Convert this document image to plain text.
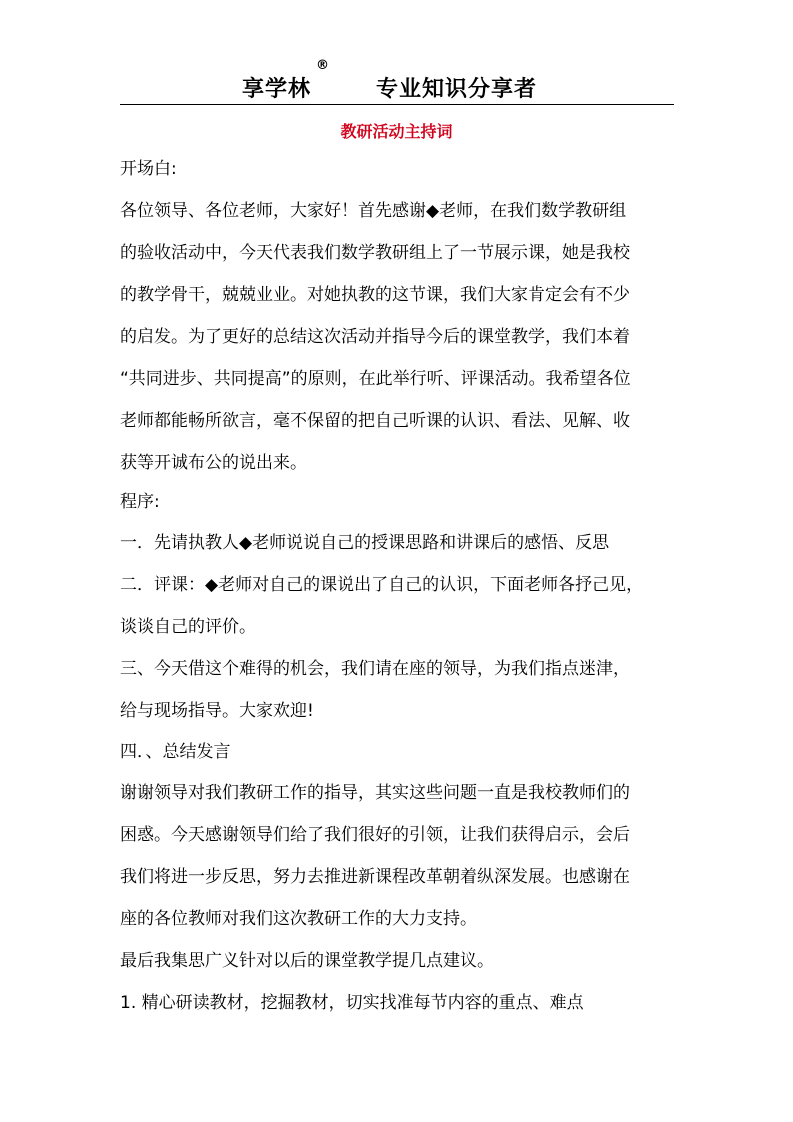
享学林
®
专业知识分享者
教研活动主持词
开场白:
各位领导、各位老师，大家好！首先感谢◆老师，在我们数学教研组
的验收活动中，今天代表我们数学教研组上了一节展示课，她是我校
的教学骨干，兢兢业业。对她执教的这节课，我们大家肯定会有不少
的启发。为了更好的总结这次活动并指导今后的课堂教学，我们本着
“共同进步、共同提高”的原则，在此举行听、评课活动。我希望各位
老师都能畅所欲言，毫不保留的把自己听课的认识、看法、见解、收
获等开诚布公的说出来。
程序:
一．先请执教人◆老师说说自己的授课思路和讲课后的感悟、反思
二．评课：◆老师对自己的课说出了自己的认识，下面老师各抒己见，
谈谈自己的评价。
三、今天借这个难得的机会，我们请在座的领导，为我们指点迷津，
给与现场指导。大家欢迎!
四．、总结发言
谢谢领导对我们教研工作的指导，其实这些问题一直是我校教师们的
困惑。今天感谢领导们给了我们很好的引领，让我们获得启示，会后
我们将进一步反思，努力去推进新课程改革朝着纵深发展。也感谢在
座的各位教师对我们这次教研工作的大力支持。
最后我集思广义针对以后的课堂教学提几点建议。
1. 精心研读教材，挖掘教材，切实找准每节内容的重点、难点
